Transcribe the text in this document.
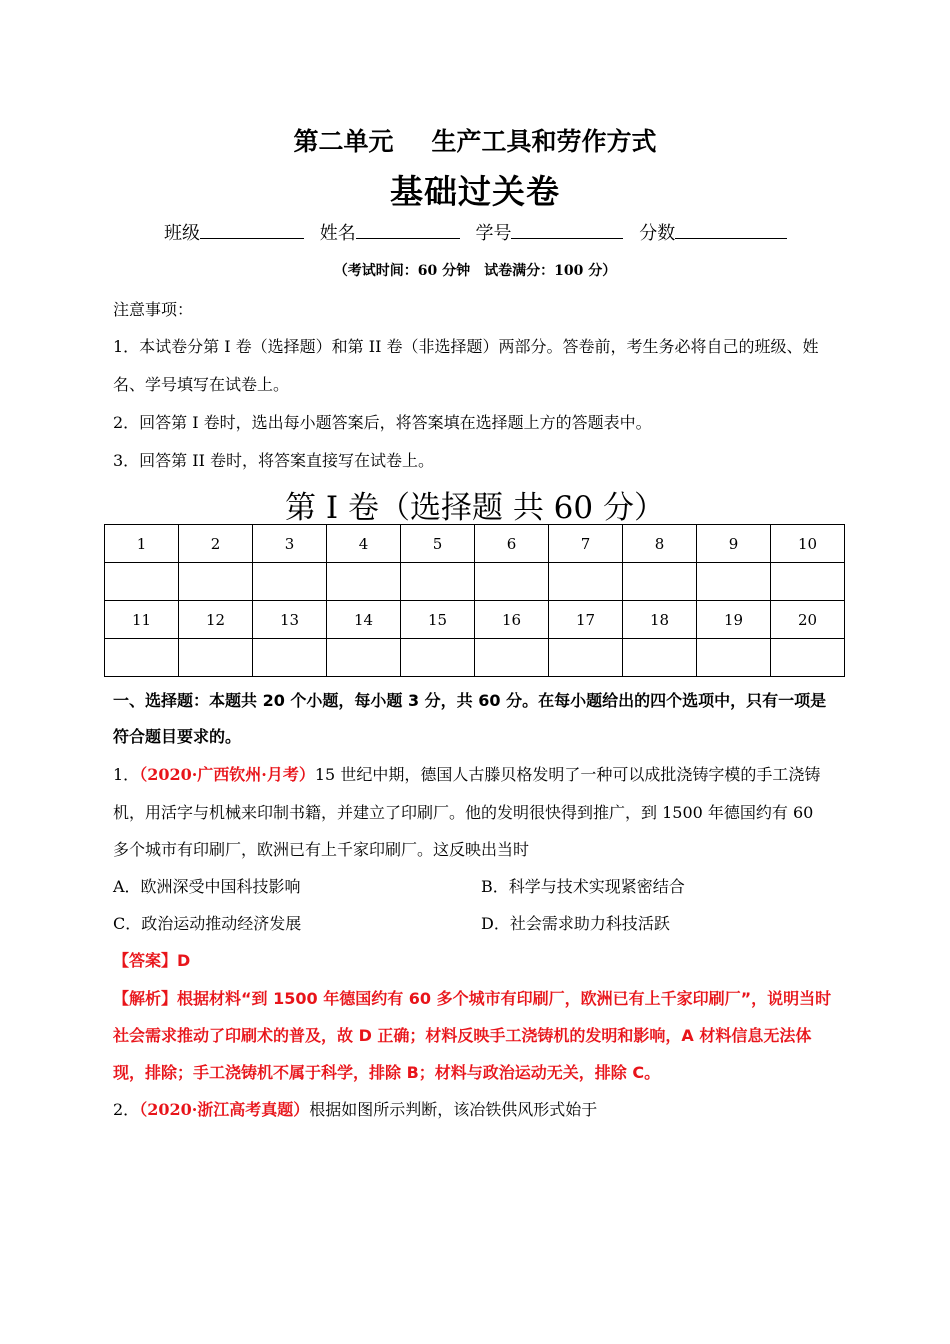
第二单元 生产工具和劳作方式
基础过关卷
班级	姓名	学号	分数
（考试时间：60 分钟　试卷满分：100 分）
注意事项：
1．本试卷分第 I 卷（选择题）和第 II 卷（非选择题）两部分。答卷前，考生务必将自己的班级、姓
名、学号填写在试卷上。
2．回答第 I 卷时，选出每小题答案后，将答案填在选择题上方的答题表中。
3．回答第 II 卷时，将答案直接写在试卷上。
第 I 卷（选择题 共 60 分）
1	2	3	4	5	6	7	8	9	10

11	12	13	14	15	16	17	18	19	20

一、选择题：本题共 20 个小题，每小题 3 分，共 60 分。在每小题给出的四个选项中，只有一项是
符合题目要求的。
1．（2020·广西钦州·月考）15 世纪中期，德国人古滕贝格发明了一种可以成批浇铸字模的手工浇铸
机，用活字与机械来印制书籍，并建立了印刷厂。他的发明很快得到推广，到 1500 年德国约有 60
多个城市有印刷厂，欧洲已有上千家印刷厂。这反映出当时
A．欧洲深受中国科技影响	B．科学与技术实现紧密结合
C．政治运动推动经济发展	D．社会需求助力科技活跃
【答案】D
【解析】根据材料“到 1500 年德国约有 60 多个城市有印刷厂，欧洲已有上千家印刷厂”，说明当时
社会需求推动了印刷术的普及，故 D 正确；材料反映手工浇铸机的发明和影响，A 材料信息无法体
现，排除；手工浇铸机不属于科学，排除 B；材料与政治运动无关，排除 C。
2．（2020·浙江高考真题）根据如图所示判断，该冶铁供风形式始于
